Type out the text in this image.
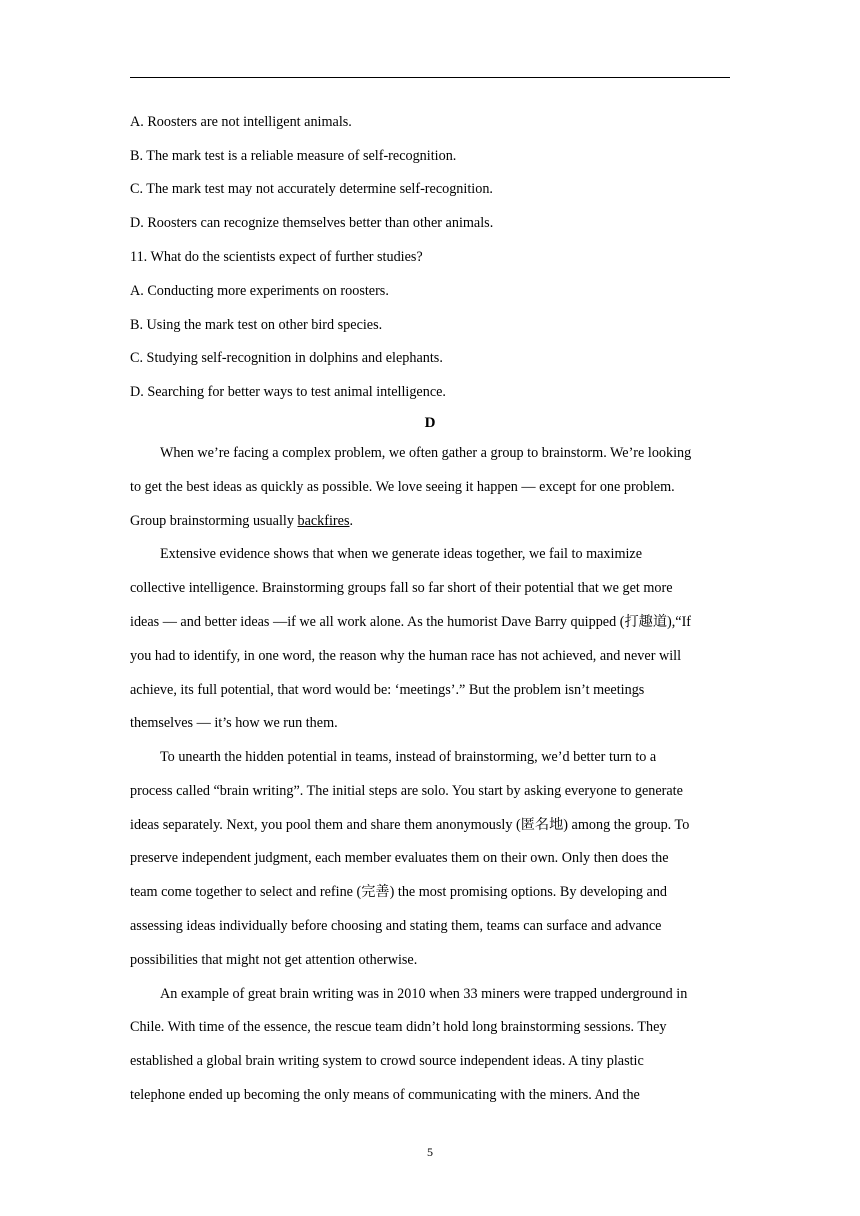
A. Roosters are not intelligent animals.
B. The mark test is a reliable measure of self-recognition.
C. The mark test may not accurately determine self-recognition.
D. Roosters can recognize themselves better than other animals.
11. What do the scientists expect of further studies?
A. Conducting more experiments on roosters.
B. Using the mark test on other bird species.
C. Studying self-recognition in dolphins and elephants.
D. Searching for better ways to test animal intelligence.
D
When we’re facing a complex problem, we often gather a group to brainstorm. We’re looking
to get the best ideas as quickly as possible. We love seeing it happen — except for one problem.
Group brainstorming usually backfires.
Extensive evidence shows that when we generate ideas together, we fail to maximize
collective intelligence. Brainstorming groups fall so far short of their potential that we get more
ideas — and better ideas —if we all work alone. As the humorist Dave Barry quipped (打趣道),“If
you had to identify, in one word, the reason why the human race has not achieved, and never will
achieve, its full potential, that word would be: ‘meetings’.” But the problem isn’t meetings
themselves — it’s how we run them.
To unearth the hidden potential in teams, instead of brainstorming, we’d better turn to a
process called “brain writing”. The initial steps are solo. You start by asking everyone to generate
ideas separately. Next, you pool them and share them anonymously (匿名地) among the group. To
preserve independent judgment, each member evaluates them on their own. Only then does the
team come together to select and refine (完善) the most promising options. By developing and
assessing ideas individually before choosing and stating them, teams can surface and advance
possibilities that might not get attention otherwise.
An example of great brain writing was in 2010 when 33 miners were trapped underground in
Chile. With time of the essence, the rescue team didn’t hold long brainstorming sessions. They
established a global brain writing system to crowd source independent ideas. A tiny plastic
telephone ended up becoming the only means of communicating with the miners. And the
5
